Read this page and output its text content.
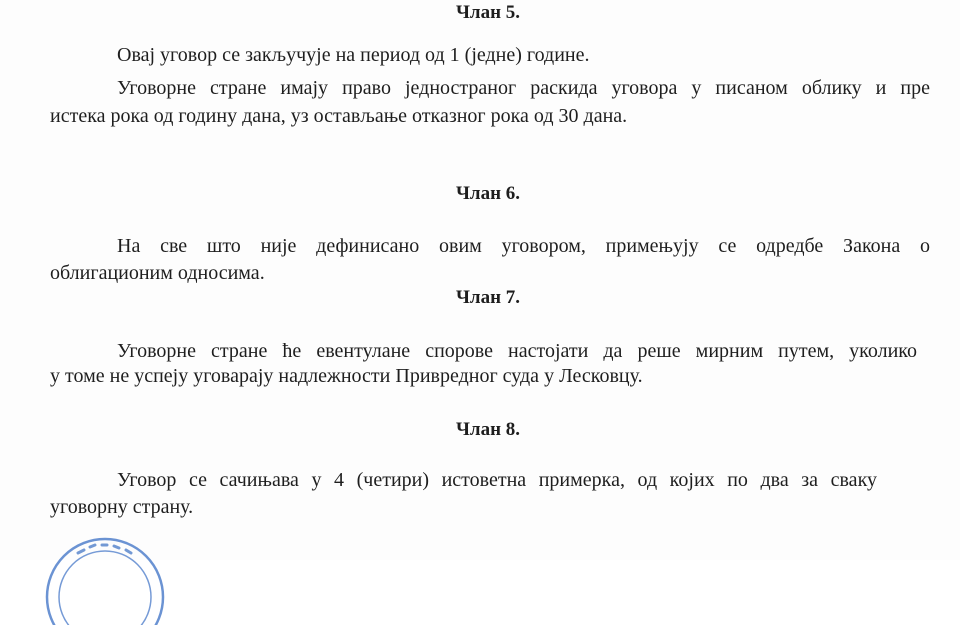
Члан 5.

Овај уговор се закључује на период од 1 (једне) године.

Уговорне стране имају право једностраног раскида уговора у писаном облику и пре

истека рока од годину дана, уз остављање отказног рока од 30 дана.

Члан 6.

На све што није дефинисано овим уговором, примењују се одредбе Закона о

облигационим односима.

Члан 7.

Уговорне стране ће евентулане спорове настојати да реше мирним путем, уколико

у томе не успеју уговарају надлежности Привредног суда у Лесковцу.

Члан 8.

Уговор се сачињава у 4 (четири) истоветна примерка, од којих по два за сваку

уговорну страну.
